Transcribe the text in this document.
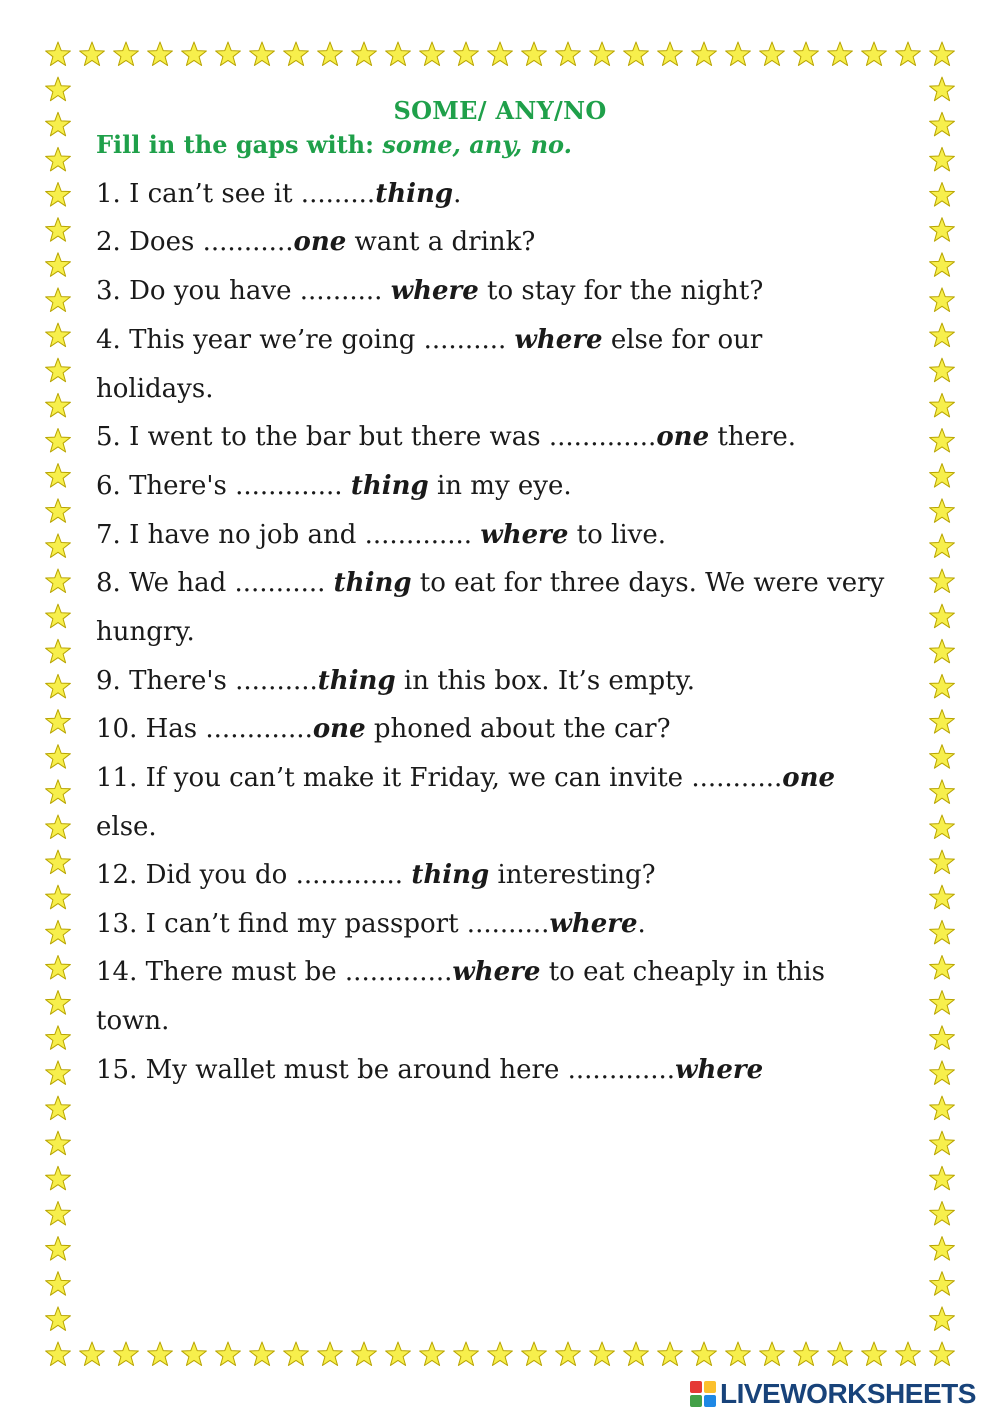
SOME/ ANY/NO

Fill in the gaps with: some, any, no.

1. I can’t see it .........thing.

2. Does ...........one want a drink?

3. Do you have .......... where to stay for the night?

4. This year we’re going .......... where else for our holidays.

5. I went to the bar but there was .............one there.

6. There's ............. thing in my eye.

7. I have no job and ............. where to live.

8. We had ........... thing to eat for three days. We were very hungry.

9. There's ..........thing in this box. It’s empty.

10. Has .............one phoned about the car?

11. If you can’t make it Friday, we can invite ...........one else.

12. Did you do ............. thing interesting?

13. I can’t find my passport ..........where.

14. There must be .............where to eat cheaply in this town.

15. My wallet must be around here .............where

LIVEWORKSHEETS
